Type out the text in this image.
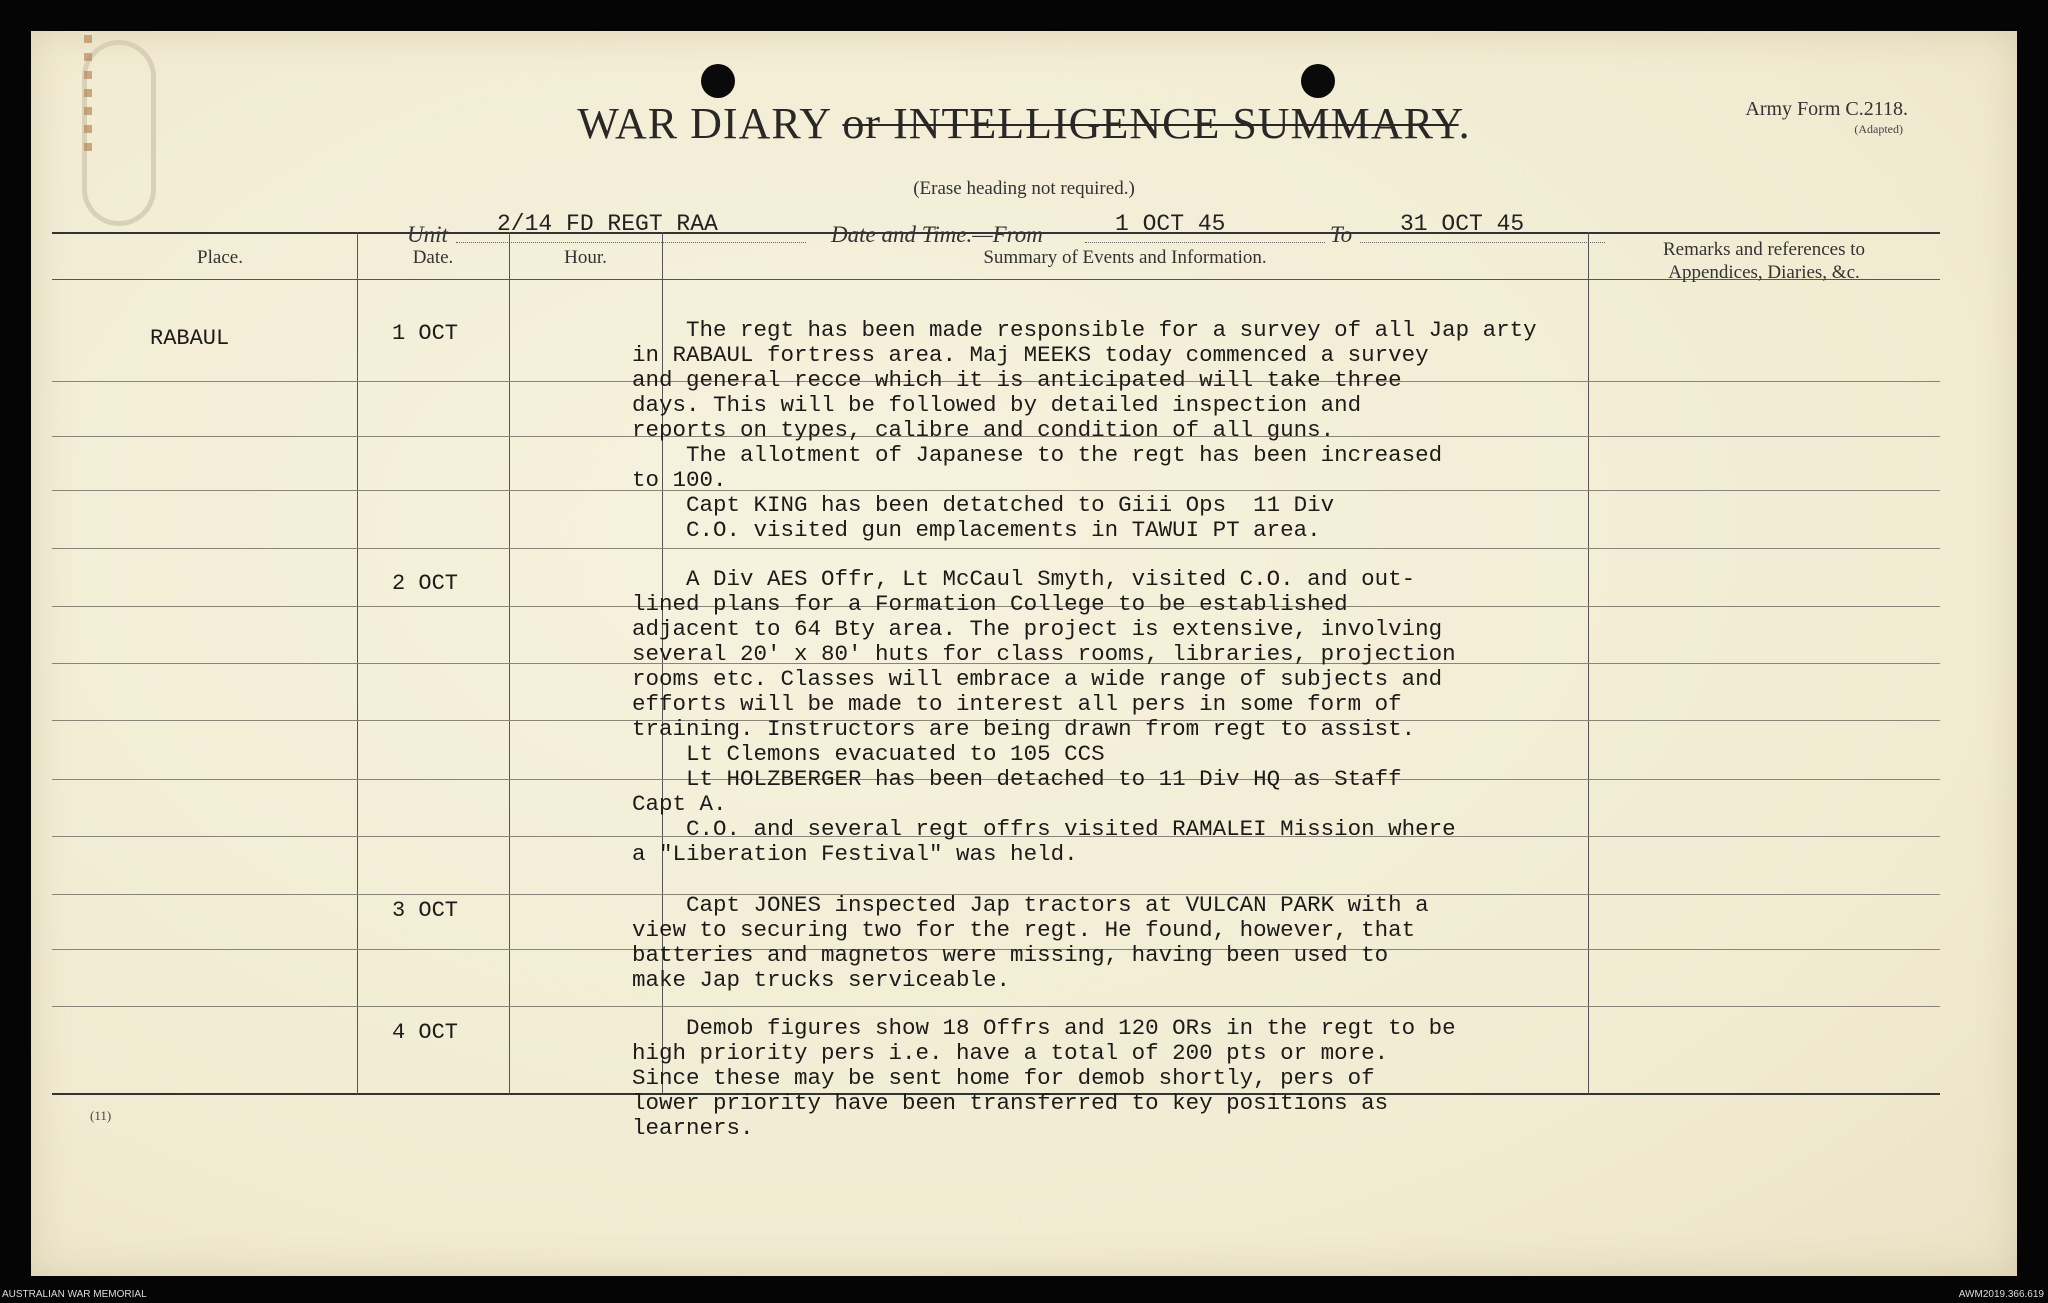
WAR DIARY or INTELLIGENCE SUMMARY.
(Erase heading not required.)
Army Form C.2118.
(Adapted)
Unit 2/14 FD REGT RAA	Date and Time.—From	1 OCT 45	To 31 OCT 45
Place.	Date.	Hour.	Summary of Events and Information.	Remarks and references to
Appendices, Diaries, &c.
RABAUL	1 OCT	The regt has been made responsible for a survey of all Jap arty
in RABAUL fortress area. Maj MEEKS today commenced a survey
and general recce which it is anticipated will take three
days. This will be followed by detailed inspection and
reports on types, calibre and condition of all guns.
The allotment of Japanese to the regt has been increased
to 100.
Capt KING has been detatched to Giii Ops  11 Div
C.O. visited gun emplacements in TAWUI PT area.
2 OCT	A Div AES Offr, Lt McCaul Smyth, visited C.O. and out-
lined plans for a Formation College to be established
adjacent to 64 Bty area. The project is extensive, involving
several 20' x 80' huts for class rooms, libraries, projection
rooms etc. Classes will embrace a wide range of subjects and
efforts will be made to interest all pers in some form of
training. Instructors are being drawn from regt to assist.
Lt Clemons evacuated to 105 CCS
Lt HOLZBERGER has been detached to 11 Div HQ as Staff
Capt A.
C.O. and several regt offrs visited RAMALEI Mission where
a "Liberation Festival" was held.
3 OCT	Capt JONES inspected Jap tractors at VULCAN PARK with a
view to securing two for the regt. He found, however, that
batteries and magnetos were missing, having been used to
make Jap trucks serviceable.
4 OCT	Demob figures show 18 Offrs and 120 ORs in the regt to be
high priority pers i.e. have a total of 200 pts or more.
Since these may be sent home for demob shortly, pers of
lower priority have been transferred to key positions as
learners.
(11)
AUSTRALIAN WAR MEMORIAL	AWM2019.366.619
